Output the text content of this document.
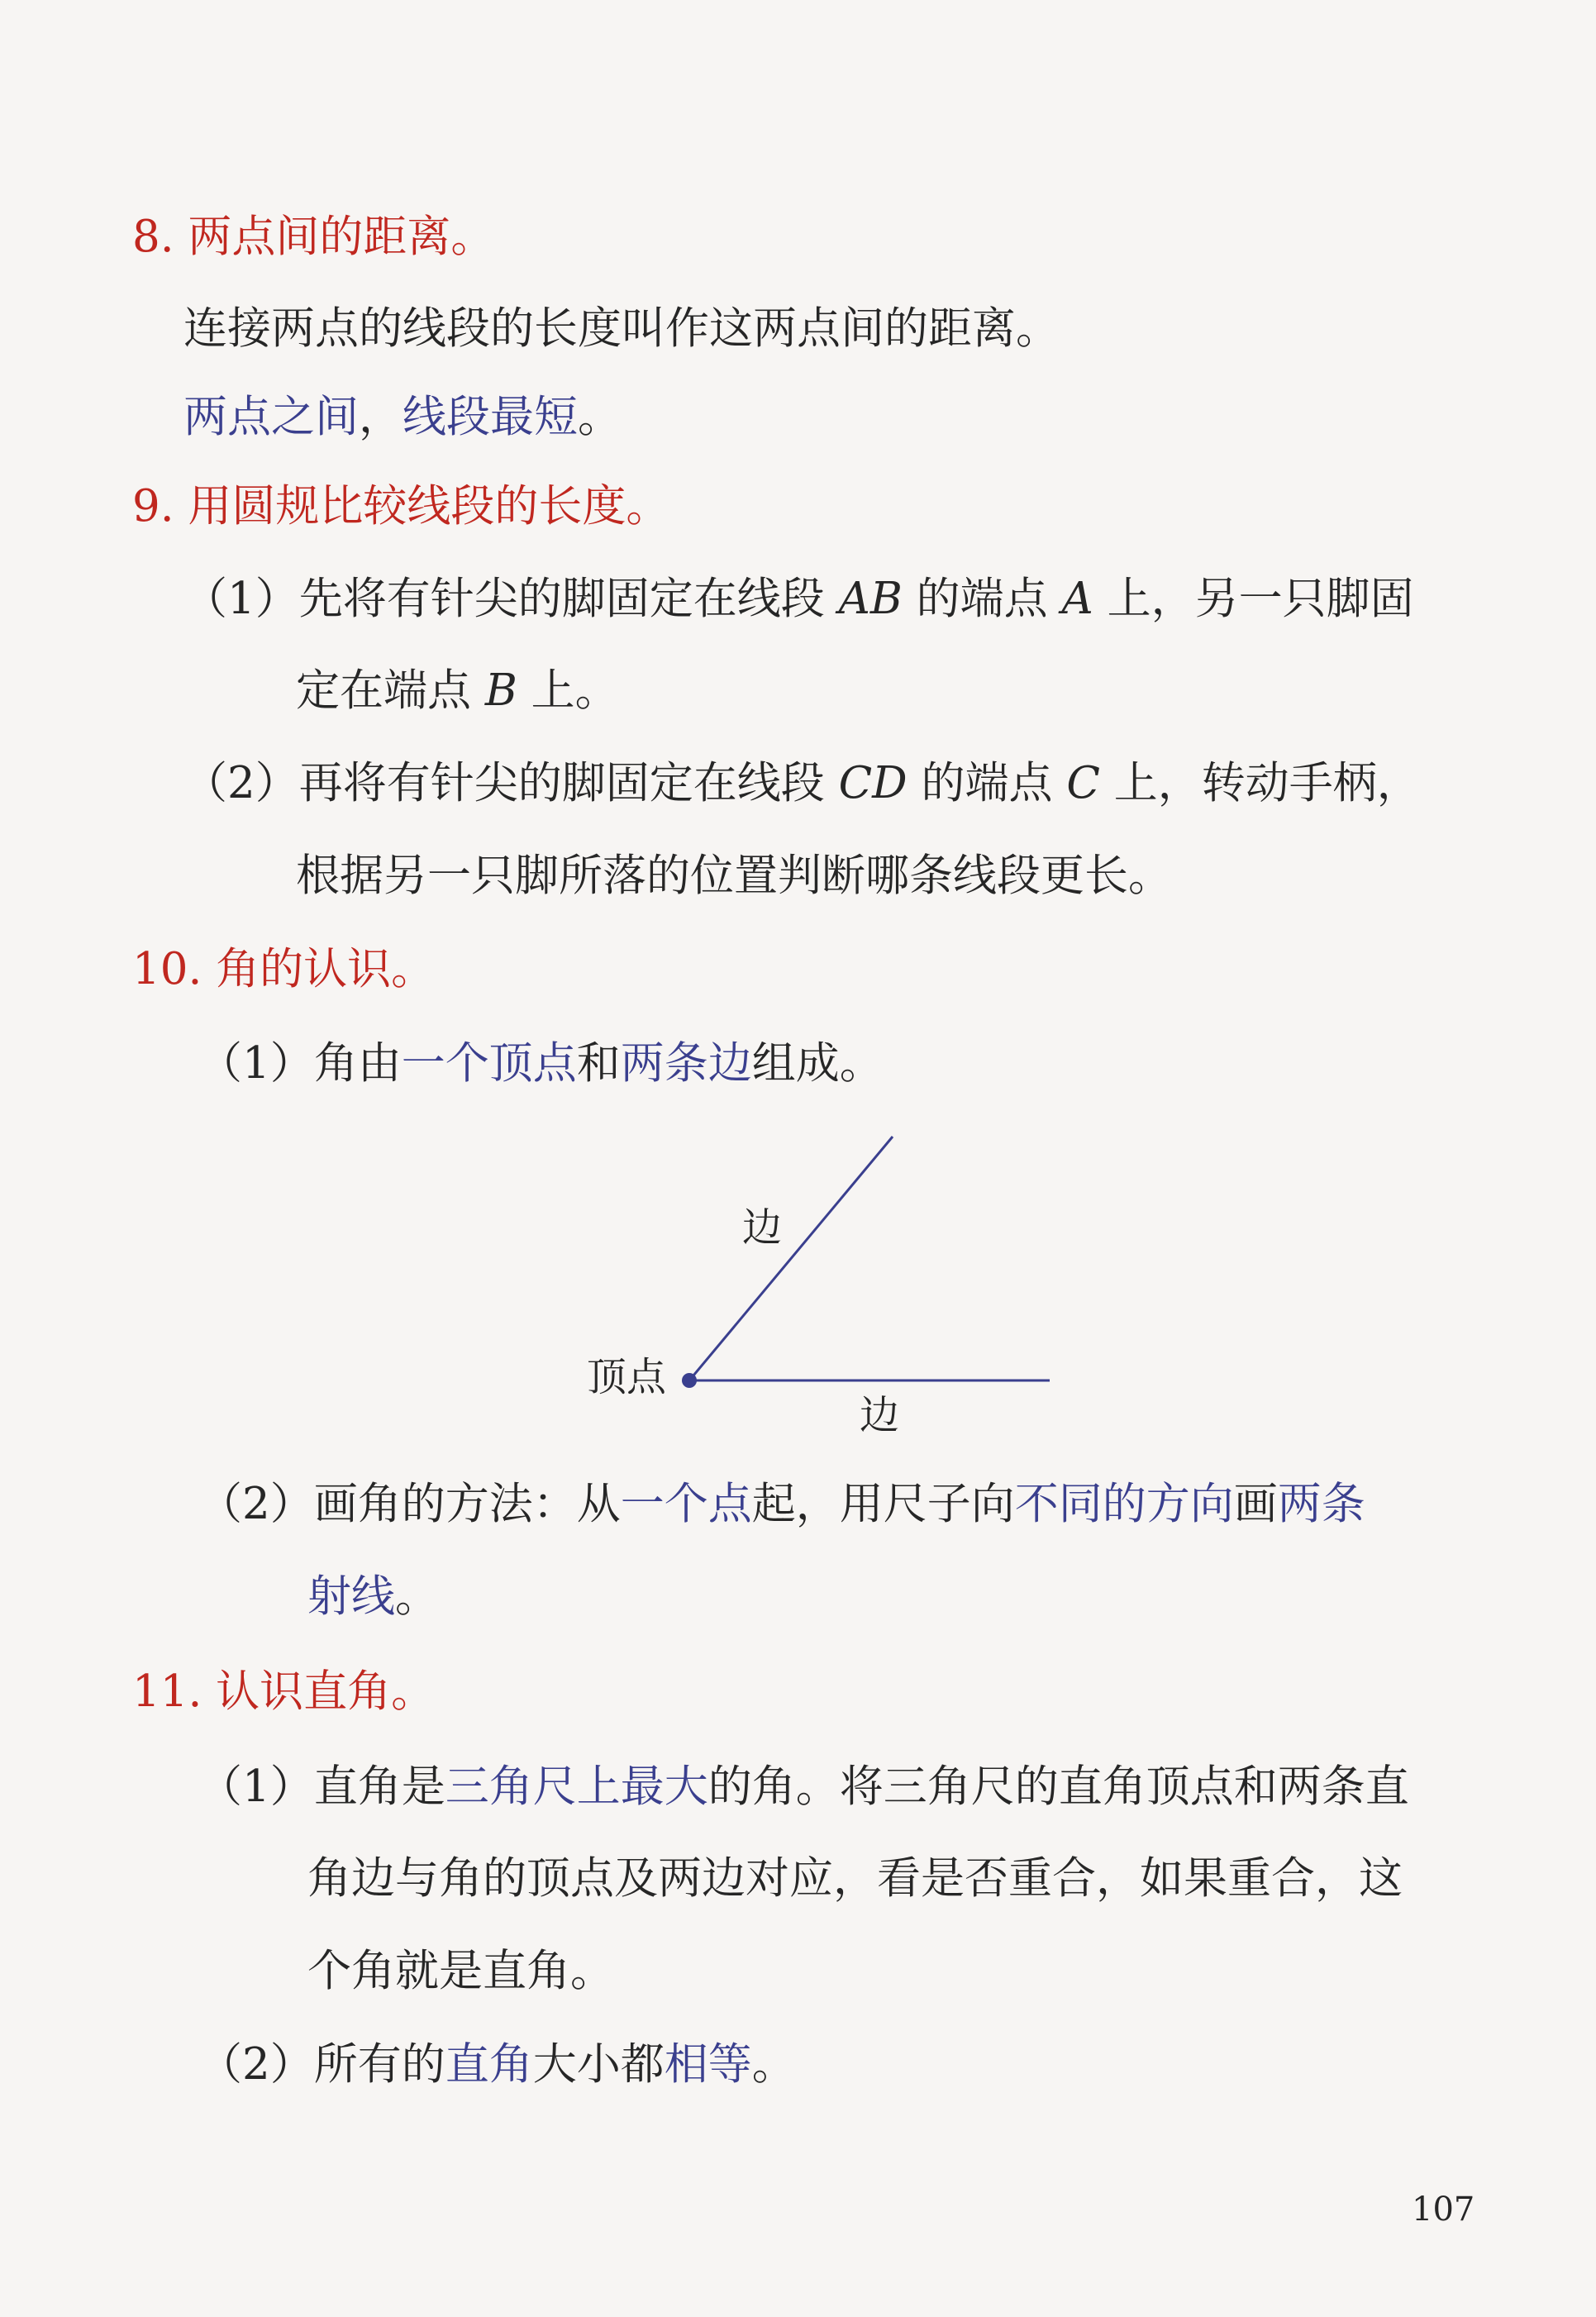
8. 两点间的距离。
连接两点的线段的长度叫作这两点间的距离。
两点之间，线段最短。
9. 用圆规比较线段的长度。
（1）先将有针尖的脚固定在线段 AB 的端点 A 上，另一只脚固
定在端点 B 上。
（2）再将有针尖的脚固定在线段 CD 的端点 C 上，转动手柄，
根据另一只脚所落的位置判断哪条线段更长。
10. 角的认识。
（1）角由一个顶点和两条边组成。
边
边
顶点
（2）画角的方法：从一个点起，用尺子向不同的方向画两条
射线。
11. 认识直角。
（1）直角是三角尺上最大的角。将三角尺的直角顶点和两条直
角边与角的顶点及两边对应，看是否重合，如果重合，这
个角就是直角。
（2）所有的直角大小都相等。
107
